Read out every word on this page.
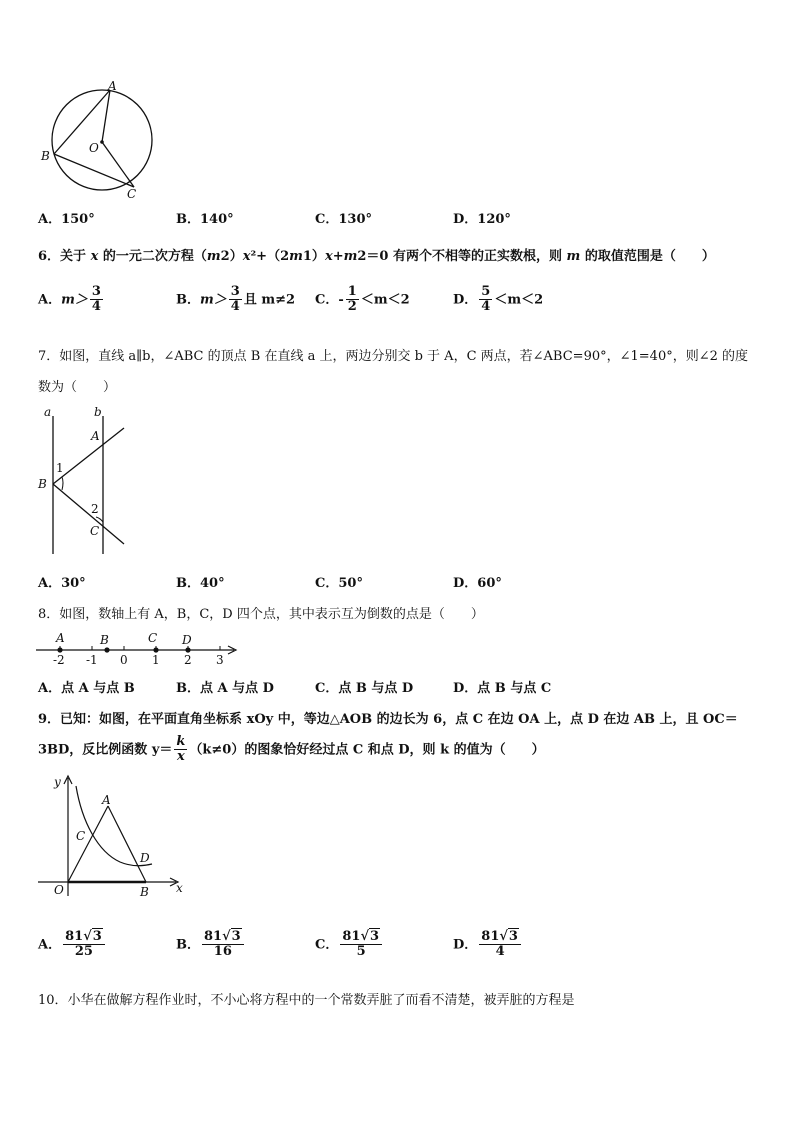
A
B
O
C
A．150°	B．140°	C．130°	D．120°
6．关于 x 的一元二次方程（m2）x²+（2m1）x+m2＝0 有两个不相等的正实数根，则 m 的取值范围是（　　）
A．$m> \frac{3}{4}$	B．$m> \frac{3}{4}$ 且 m≠2 C．- $\frac{1}{2} <m<2$	D． $\frac{5}{4} <m<2$
7．如图，直线 a∥b，∠ABC 的顶点 B 在直线 a 上，两边分别交 b 于 A，C 两点，若∠ABC=90°，∠1=40°，则∠2 的度
数为（　　）
a	b
A
B
C
1
2
A．30°	B．40°	C．50°	D．60°
8．如图，数轴上有 A，B，C，D 四个点，其中表示互为倒数的点是（　　）
A	B	C D
-2 -1 0 1 2 3
A．点 A 与点 B	B．点 A 与点 D	C．点 B 与点 D	D．点 B 与点 C
9．已知：如图，在平面直角坐标系 xOy 中，等边△AOB 的边长为 6，点 C 在边 OA 上，点 D 在边 AB 上，且 OC＝
3BD，反比例函数 $y= \frac{k}{x} (k\ne 0)$的图象恰好经过点 C 和点 D，则 k 的值为（　　）
y
x
O
A
B
C
D
A． $\frac{81√3}{25}$	B． $\frac{81√3}{16}$	C． $\frac{81√3}{5}$	D． $\frac{81√3}{4}$
10．小华在做解方程作业时，不小心将方程中的一个常数弄脏了而看不清楚，被弄脏的方程是
